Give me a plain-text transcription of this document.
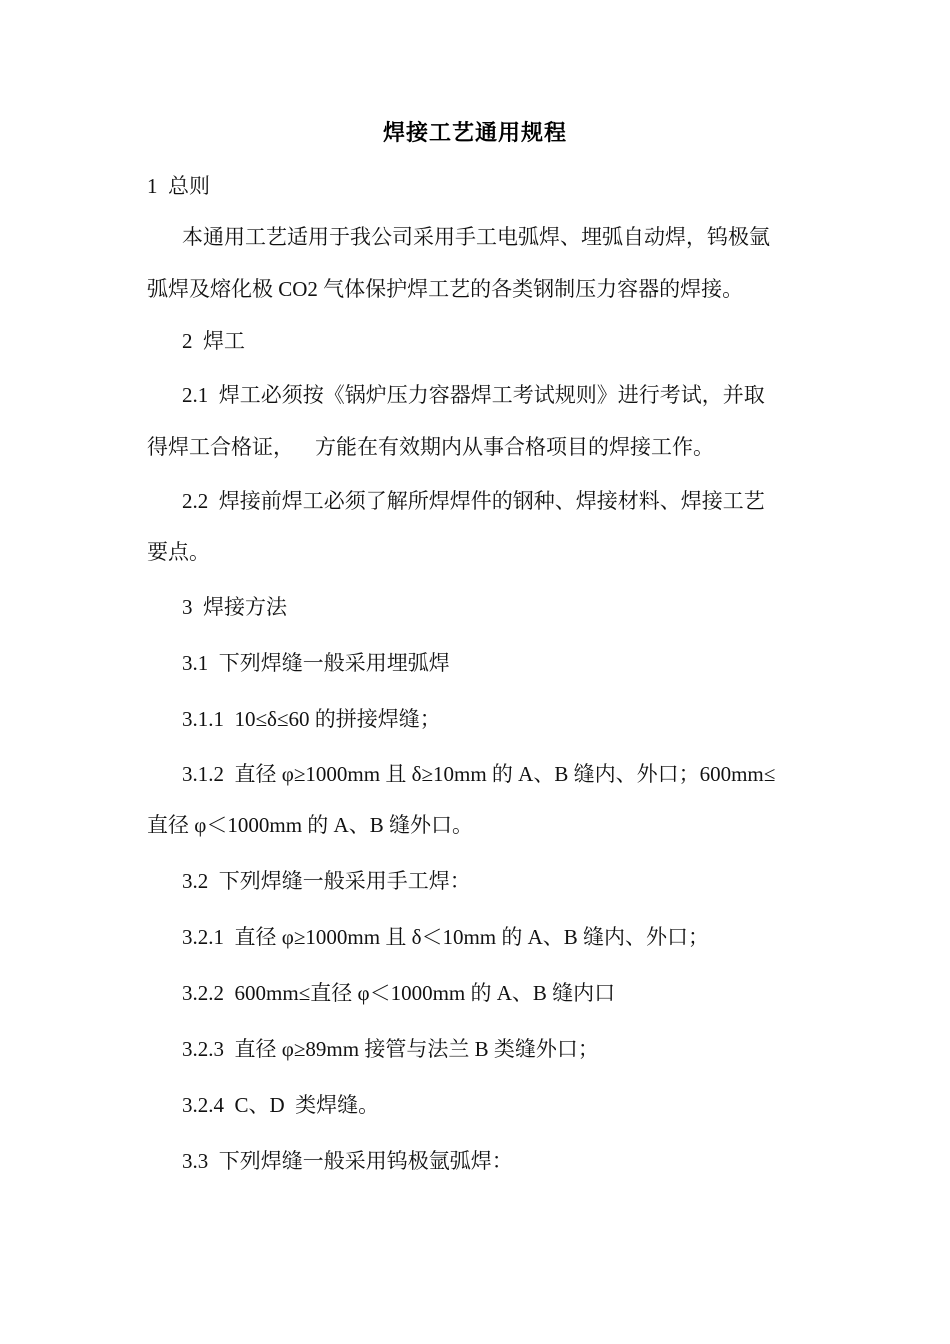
焊接工艺通用规程
1  总则
本通用工艺适用于我公司采用手工电弧焊、埋弧自动焊，钨极氩
弧焊及熔化极 CO2 气体保护焊工艺的各类钢制压力容器的焊接。
2  焊工
2.1  焊工必须按《锅炉压力容器焊工考试规则》进行考试，并取
得焊工合格证，    方能在有效期内从事合格项目的焊接工作。
2.2  焊接前焊工必须了解所焊焊件的钢种、焊接材料、焊接工艺
要点。
3  焊接方法
3.1  下列焊缝一般采用埋弧焊
3.1.1  10≤δ≤60 的拼接焊缝；
3.1.2  直径 φ≥1000mm 且 δ≥10mm 的 A、B 缝内、外口；600mm≤
直径 φ＜1000mm 的 A、B 缝外口。
3.2  下列焊缝一般采用手工焊：
3.2.1  直径 φ≥1000mm 且 δ＜10mm 的 A、B 缝内、外口；
3.2.2  600mm≤直径 φ＜1000mm 的 A、B 缝内口
3.2.3  直径 φ≥89mm 接管与法兰 B 类缝外口；
3.2.4  C、D  类焊缝。
3.3  下列焊缝一般采用钨极氩弧焊：
